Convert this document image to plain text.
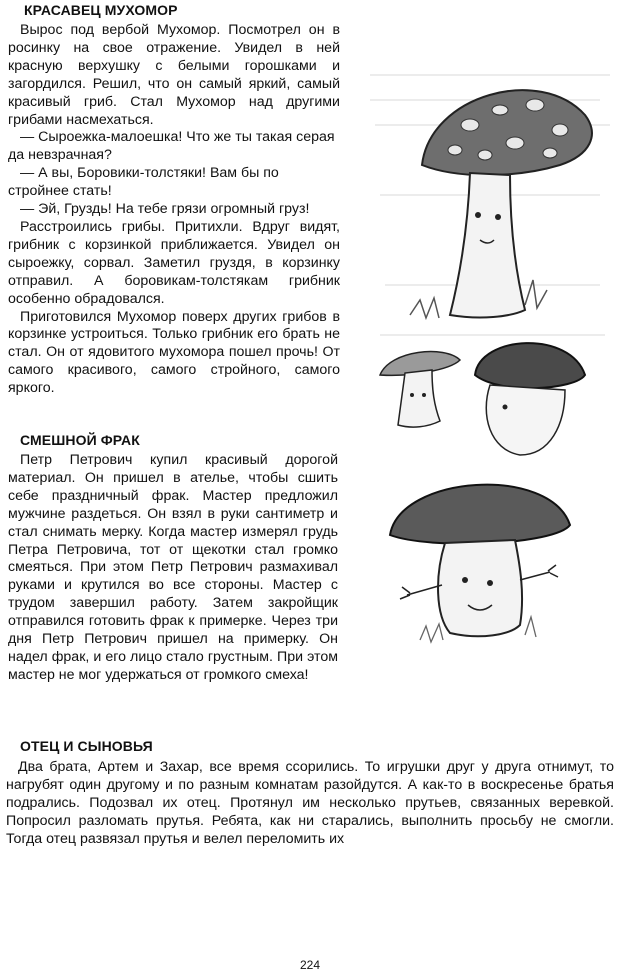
КРАСАВЕЦ МУХОМОР

Вырос под вербой Мухомор. Посмотрел он в росинку на свое отражение. Увидел в ней красную верхушку с белыми горошками и загордился. Решил, что он самый яркий, самый красивый гриб. Стал Мухомор над другими грибами насмехаться.

— Сыроежка-малоешка! Что же ты такая серая да невзрачная?

— А вы, Боровики-толстяки! Вам бы по стройнее стать!

— Эй, Груздь! На тебе грязи огромный груз!

Расстроились грибы. Притихли. Вдруг видят, грибник с корзинкой приближается. Увидел он сыроежку, сорвал. Заметил груздя, в корзинку отправил. А боровикам-толстякам грибник особенно обрадовался.

Приготовился Мухомор поверх других грибов в корзинке устроиться. Только грибник его брать не стал. Он от ядовитого мухомора пошел прочь! От самого красивого, самого стройного, самого яркого.

СМЕШНОЙ ФРАК

Петр Петрович купил красивый дорогой материал. Он пришел в ателье, чтобы сшить себе праздничный фрак. Мастер предложил мужчине раздеться. Он взял в руки сантиметр и стал снимать мерку. Когда мастер измерял грудь Петра Петровича, тот от щекотки стал громко смеяться. При этом Петр Петрович размахивал руками и крутился во все стороны. Мастер с трудом завершил работу. Затем закройщик отправился готовить фрак к примерке. Через три дня Петр Петрович пришел на примерку. Он надел фрак, и его лицо стало грустным. При этом мастер не мог удержаться от громкого смеха!

ОТЕЦ И СЫНОВЬЯ
Два брата, Артем и Захар, все время ссорились. То игрушки друг у друга отнимут, то нагрубят один другому и по разным комнатам разойдутся. А как-то в воскресенье братья подрались. Подозвал их отец. Протянул им несколько прутьев, связанных веревкой. Попросил разломать прутья. Ребята, как ни старались, выполнить просьбу не смогли. Тогда отец развязал прутья и велел переломить их
224
